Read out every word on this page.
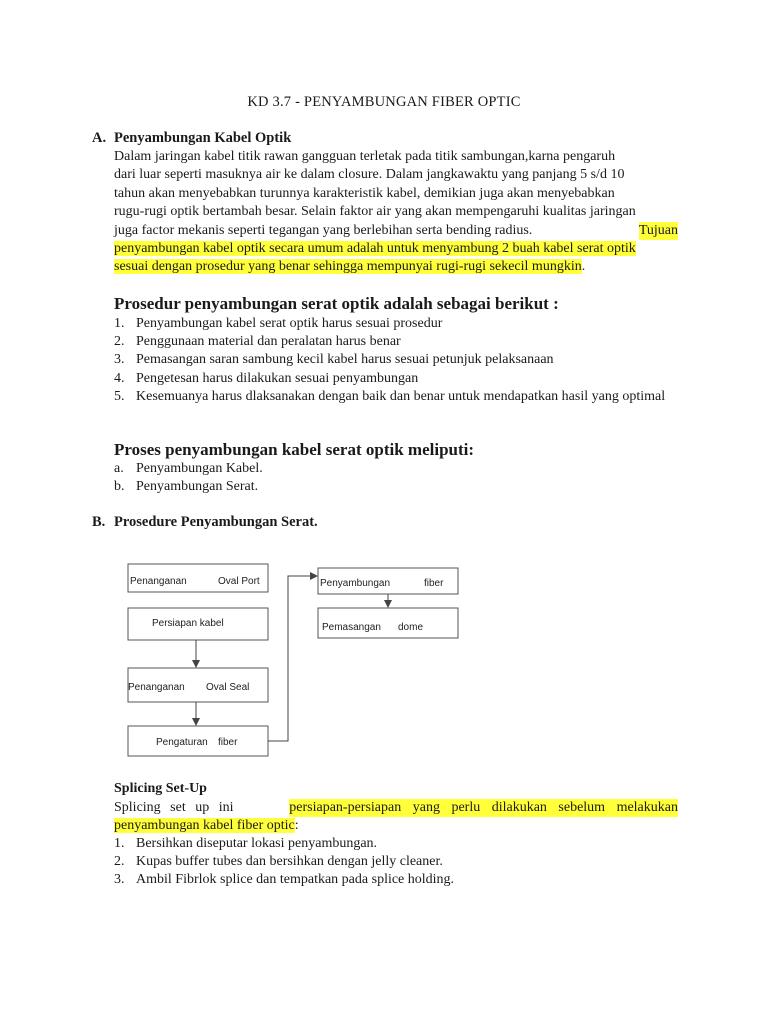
KD 3.7 - PENYAMBUNGAN FIBER OPTIC
A. Penyambungan Kabel Optik
Dalam jaringan kabel titik rawan gangguan terletak pada titik sambungan,karna pengaruh
dari luar seperti masuknya air ke dalam closure. Dalam jangkawaktu yang panjang 5 s/d 10
tahun akan menyebabkan turunnya karakteristik kabel, demikian juga akan menyebabkan
rugu-rugi optik bertambah besar. Selain faktor air yang akan mempengaruhi kualitas jaringan
juga factor mekanis seperti tegangan yang berlebihan serta bending radius.	Tujuan
penyambungan kabel optik secara umum adalah untuk menyambung 2 buah kabel serat optik
sesuai dengan prosedur yang benar sehingga mempunyai rugi-rugi sekecil mungkin.
Prosedur penyambungan serat optik adalah sebagai berikut :
1. Penyambungan kabel serat optik harus sesuai prosedur
2. Penggunaan material dan peralatan harus benar
3. Pemasangan saran sambung kecil kabel harus sesuai petunjuk pelaksanaan
4. Pengetesan harus dilakukan sesuai penyambungan
5. Kesemuanya harus dlaksanakan dengan baik dan benar untuk mendapatkan hasil yang optimal
Proses penyambungan kabel serat optik meliputi:
a. Penyambungan Kabel.
b. Penyambungan Serat.
B. Prosedure Penyambungan Serat.
Penanganan	Oval Port
Persiapan kabel
Penanganan Oval Seal
Pengaturan fiber
Penyambungan	fiber
Pemasangan dome
Splicing Set-Up
Splicing set up ini	persiapan-persiapan yang perlu dilakukan sebelum melakukan
penyambungan kabel fiber optic:
1. Bersihkan diseputar lokasi penyambungan.
2. Kupas buffer tubes dan bersihkan dengan jelly cleaner.
3. Ambil Fibrlok splice dan tempatkan pada splice holding.
